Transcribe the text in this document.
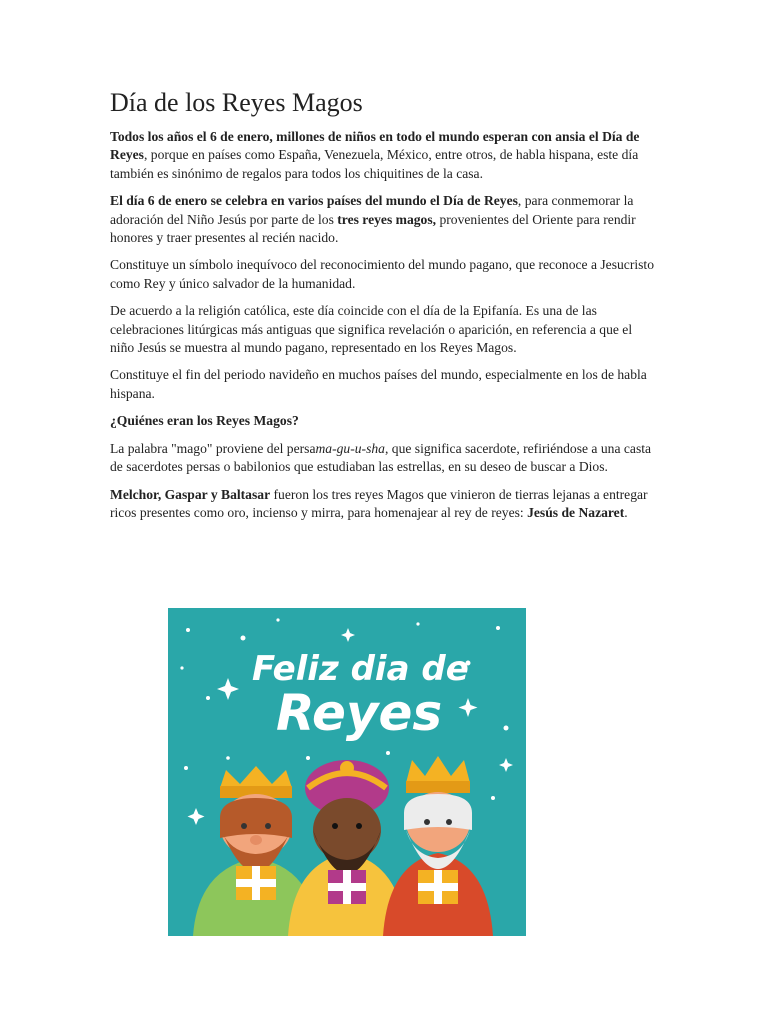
Día de los Reyes Magos

Todos los años el 6 de enero, millones de niños en todo el mundo esperan con ansia el Día de Reyes, porque en países como España, Venezuela, México, entre otros, de habla hispana, este día también es sinónimo de regalos para todos los chiquitines de la casa.

El día 6 de enero se celebra en varios países del mundo el Día de Reyes, para conmemorar la adoración del Niño Jesús por parte de los tres reyes magos, provenientes del Oriente para rendir honores y traer presentes al recién nacido.

Constituye un símbolo inequívoco del reconocimiento del mundo pagano, que reconoce a Jesucristo como Rey y único salvador de la humanidad.

De acuerdo a la religión católica, este día coincide con el día de la Epifanía. Es una de las celebraciones litúrgicas más antiguas que significa revelación o aparición, en referencia a que el niño Jesús se muestra al mundo pagano, representado en los Reyes Magos.

Constituye el fin del periodo navideño en muchos países del mundo, especialmente en los de habla hispana.

¿Quiénes eran los Reyes Magos?

La palabra "mago" proviene del persama-gu-u-sha, que significa sacerdote, refiriéndose a una casta de sacerdotes persas o babilonios que estudiaban las estrellas, en su deseo de buscar a Dios.

Melchor, Gaspar y Baltasar fueron los tres reyes Magos que vinieron de tierras lejanas a entregar ricos presentes como oro, incienso y mirra, para homenajear al rey de reyes: Jesús de Nazaret.

Feliz dia de
Reyes
